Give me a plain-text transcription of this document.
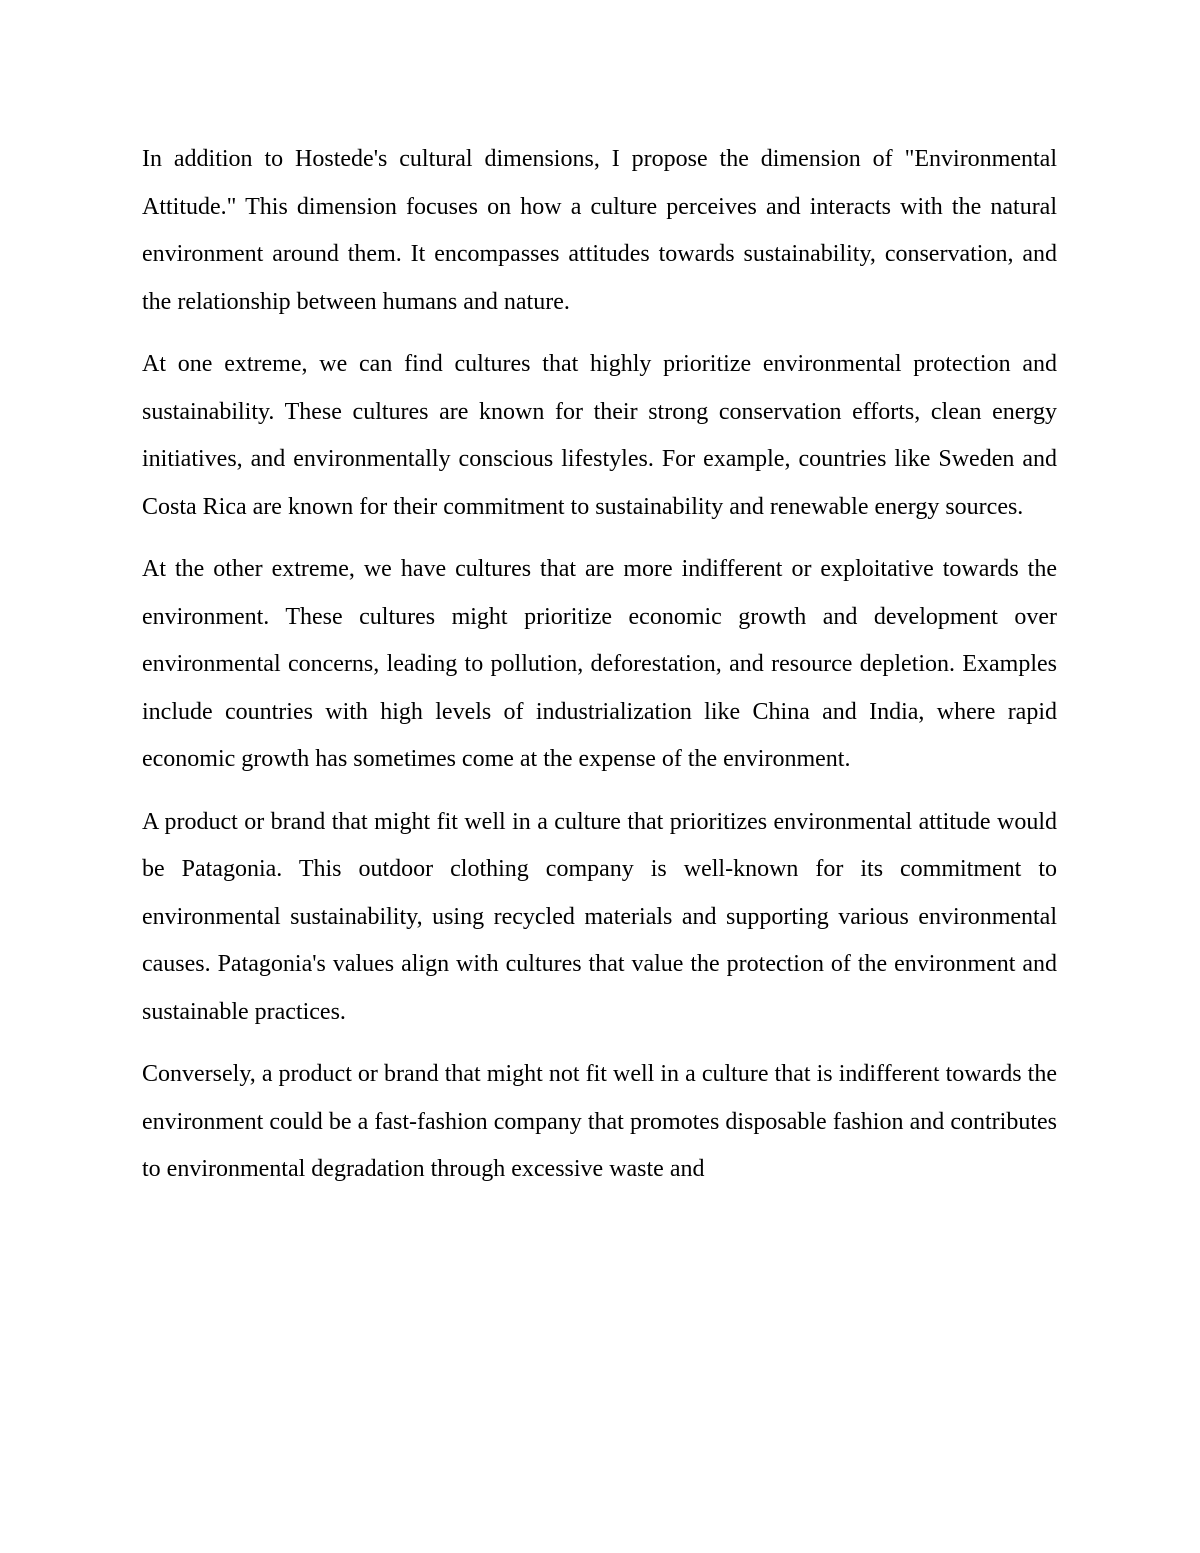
In addition to Hostede's cultural dimensions, I propose the dimension of "Environmental Attitude." This dimension focuses on how a culture perceives and interacts with the natural environment around them. It encompasses attitudes towards sustainability, conservation, and the relationship between humans and nature.

At one extreme, we can find cultures that highly prioritize environmental protection and sustainability. These cultures are known for their strong conservation efforts, clean energy initiatives, and environmentally conscious lifestyles. For example, countries like Sweden and Costa Rica are known for their commitment to sustainability and renewable energy sources.

At the other extreme, we have cultures that are more indifferent or exploitative towards the environment. These cultures might prioritize economic growth and development over environmental concerns, leading to pollution, deforestation, and resource depletion. Examples include countries with high levels of industrialization like China and India, where rapid economic growth has sometimes come at the expense of the environment.

A product or brand that might fit well in a culture that prioritizes environmental attitude would be Patagonia. This outdoor clothing company is well-known for its commitment to environmental sustainability, using recycled materials and supporting various environmental causes. Patagonia's values align with cultures that value the protection of the environment and sustainable practices.

Conversely, a product or brand that might not fit well in a culture that is indifferent towards the environment could be a fast-fashion company that promotes disposable fashion and contributes to environmental degradation through excessive waste and
